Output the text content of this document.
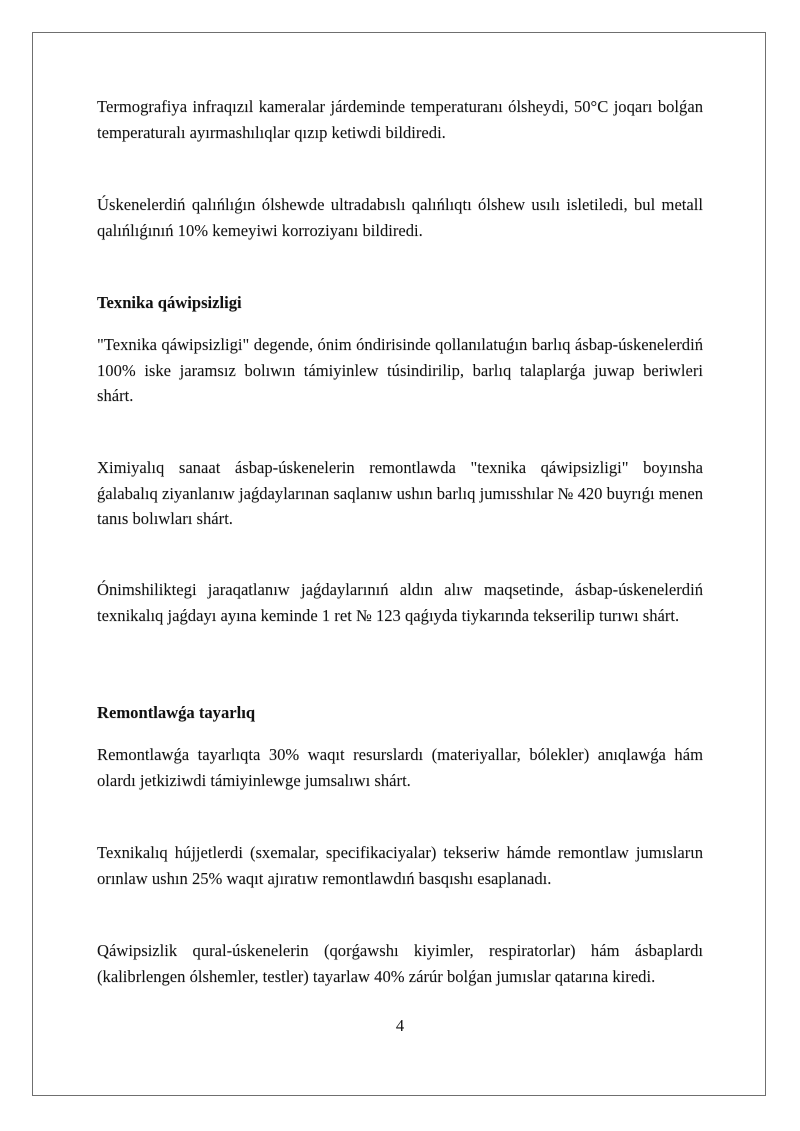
Termografiya infraqızıl kameralar járdeminde temperaturanı ólsheydi, 50°C joqarı bolǵan temperaturalı ayırmashılıqlar qızıp ketiwdi bildiredi.

Úskenelerdiń qalıńlıǵın ólshewde ultradabıslı qalıńlıqtı ólshew usılı isletiledi, bul metall qalıńlıǵınıń 10% kemeyiwi korroziyanı bildiredi.

Texnika qáwipsizligi

"Texnika qáwipsizligi" degende, ónim óndirisinde qollanılatuǵın barlıq ásbap-úskenelerdiń 100% iske jaramsız bolıwın támiyinlew túsindirilip, barlıq talaplarǵa juwap beriwleri shárt.

Ximiyalıq sanaat ásbap-úskenelerin remontlawda "texnika qáwipsizligi" boyınsha ǵalabalıq ziyanlanıw jaǵdaylarınan saqlanıw ushın barlıq jumısshılar № 420 buyrıǵı menen tanıs bolıwları shárt.

Ónimshiliktegi jaraqatlanıw jaǵdaylarınıń aldın alıw maqsetinde, ásbap-úskenelerdiń texnikalıq jaǵdayı ayına keminde 1 ret № 123 qaǵıyda tiykarında tekserilip turıwı shárt.

Remontlawǵa tayarlıq

Remontlawǵa tayarlıqta 30% waqıt resurslardı (materiyallar, bólekler) anıqlawǵa hám olardı jetkiziwdi támiyinlewge jumsalıwı shárt.

Texnikalıq hújjetlerdi (sxemalar, specifikaciyalar) tekseriw hámde remontlaw jumıslarɩn orınlaw ushın 25% waqıt ajıratıw remontlawdıń basqıshı esaplanadı.

Qáwipsizlik qural-úskenelerin (qorǵawshı kiyimler, respiratorlar) hám ásbaplardı (kalibrlengen ólshemler, testler) tayarlaw 40% zárúr bolǵan jumıslar qatarına kiredi.

4
